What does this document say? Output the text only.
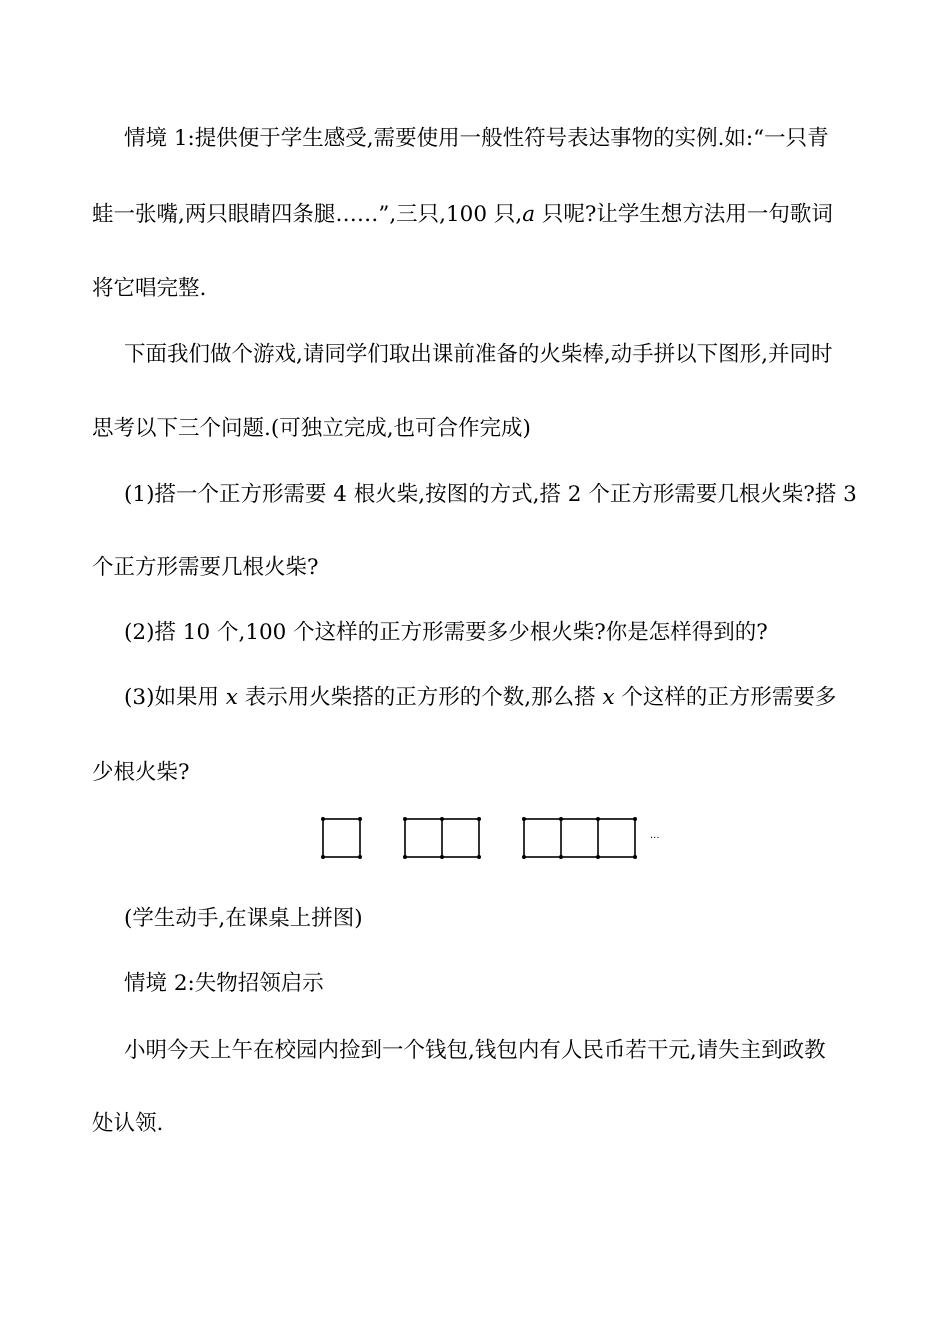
情境 1:提供便于学生感受,需要使用一般性符号表达事物的实例.如:“一只青
蛙一张嘴,两只眼睛四条腿……”,三只,100 只,a 只呢?让学生想方法用一句歌词
将它唱完整.
下面我们做个游戏,请同学们取出课前准备的火柴棒,动手拼以下图形,并同时
思考以下三个问题.(可独立完成,也可合作完成)
(1)搭一个正方形需要 4 根火柴,按图的方式,搭 2 个正方形需要几根火柴?搭 3
个正方形需要几根火柴?
(2)搭 10 个,100 个这样的正方形需要多少根火柴?你是怎样得到的?
(3)如果用 x 表示用火柴搭的正方形的个数,那么搭 x 个这样的正方形需要多
少根火柴?
···
(学生动手,在课桌上拼图)
情境 2:失物招领启示
小明今天上午在校园内捡到一个钱包,钱包内有人民币若干元,请失主到政教
处认领.
